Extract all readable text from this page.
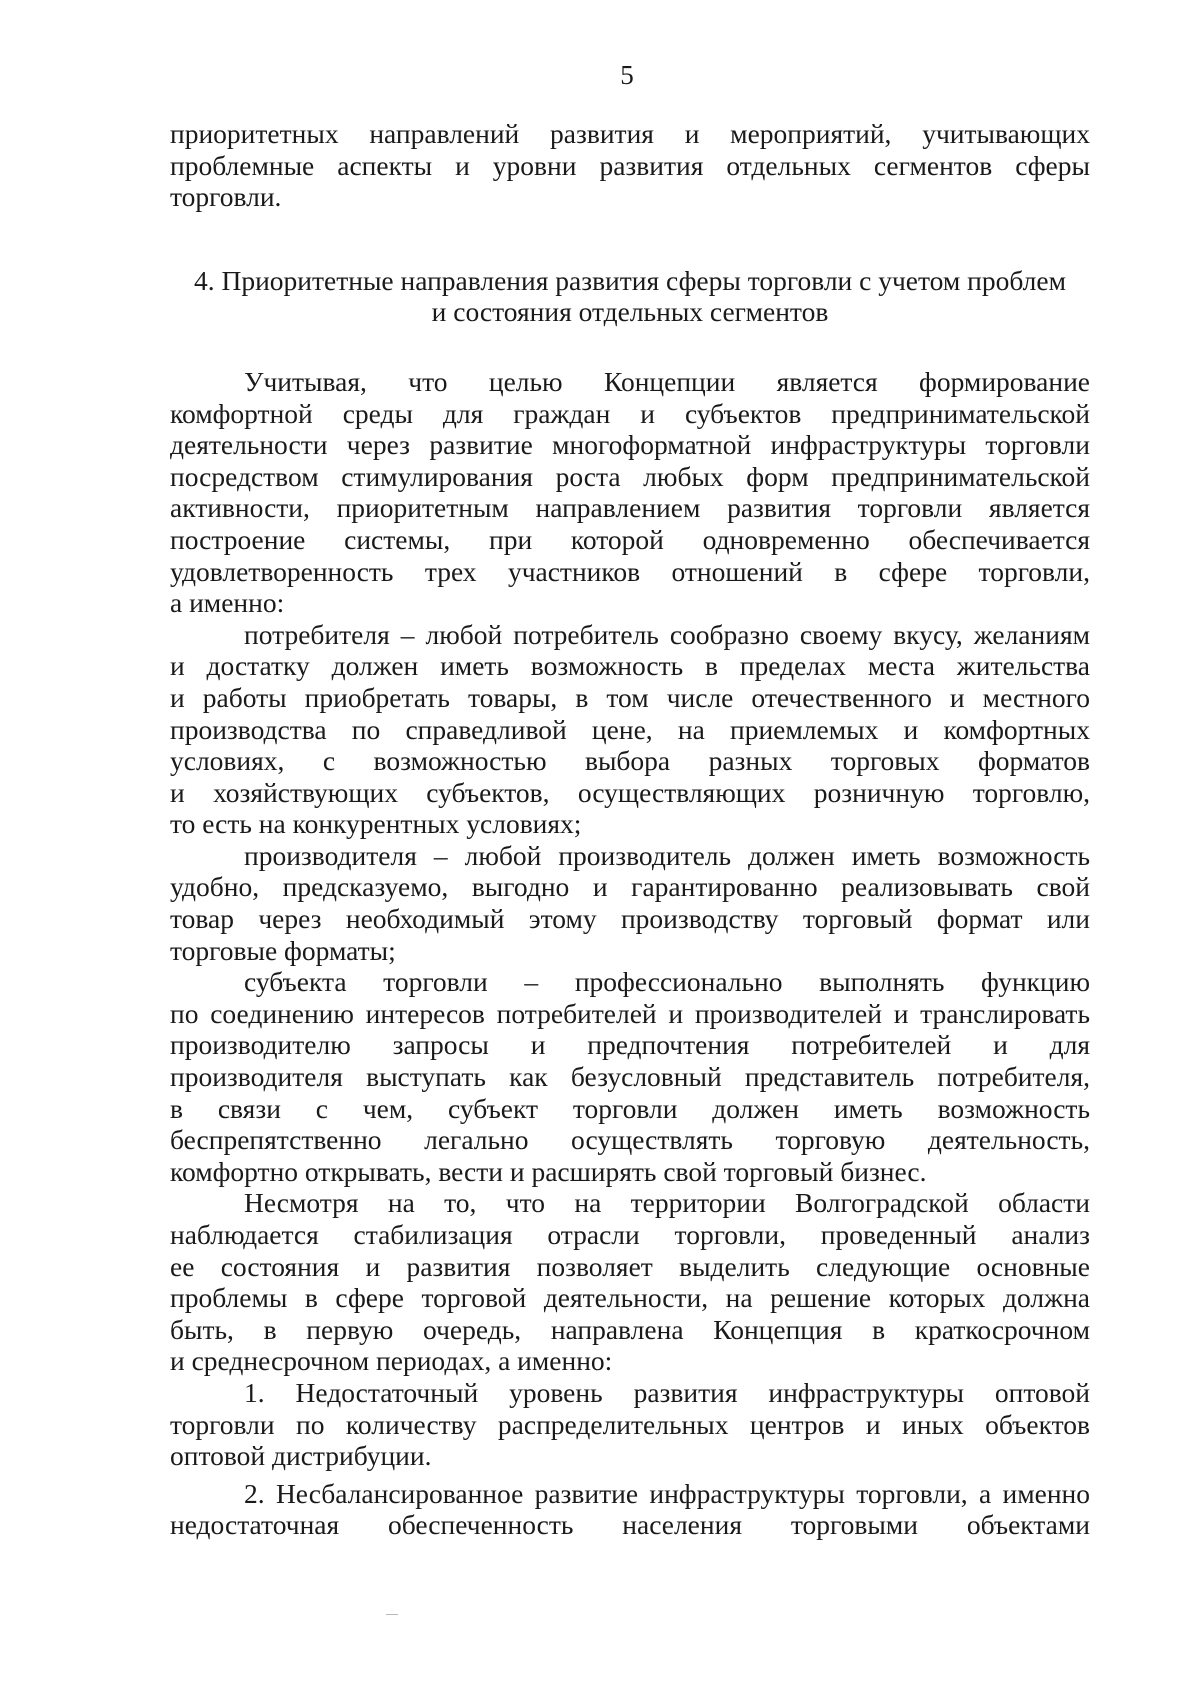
5

приоритетных направлений развития и мероприятий, учитывающих

проблемные аспекты и уровни развития отдельных сегментов сферы

торговли.

4. Приоритетные направления развития сферы торговли с учетом проблем
и состояния отдельных сегментов

Учитывая, что целью Концепции является формирование

комфортной среды для граждан и субъектов предпринимательской

деятельности через развитие многоформатной инфраструктуры торговли

посредством стимулирования роста любых форм предпринимательской

активности, приоритетным направлением развития торговли является

построение системы, при которой одновременно обеспечивается

удовлетворенность трех участников отношений в сфере торговли,

а именно:

потребителя – любой потребитель сообразно своему вкусу, желаниям

и достатку должен иметь возможность в пределах места жительства

и работы приобретать товары, в том числе отечественного и местного

производства по справедливой цене, на приемлемых и комфортных

условиях, с возможностью выбора разных торговых форматов

и хозяйствующих субъектов, осуществляющих розничную торговлю,

то есть на конкурентных условиях;

производителя – любой производитель должен иметь возможность

удобно, предсказуемо, выгодно и гарантированно реализовывать свой

товар через необходимый этому производству торговый формат или

торговые форматы;

субъекта торговли – профессионально выполнять функцию

по соединению интересов потребителей и производителей и транслировать

производителю запросы и предпочтения потребителей и для

производителя выступать как безусловный представитель потребителя,

в связи с чем, субъект торговли должен иметь возможность

беспрепятственно легально осуществлять торговую деятельность,

комфортно открывать, вести и расширять свой торговый бизнес.

Несмотря на то, что на территории Волгоградской области

наблюдается стабилизация отрасли торговли, проведенный анализ

ее состояния и развития позволяет выделить следующие основные

проблемы в сфере торговой деятельности, на решение которых должна

быть, в первую очередь, направлена Концепция в краткосрочном

и среднесрочном периодах, а именно:

1. Недостаточный уровень развития инфраструктуры оптовой

торговли по количеству распределительных центров и иных объектов

оптовой дистрибуции.

2. Несбалансированное развитие инфраструктуры торговли, а именно

недостаточная обеспеченность населения торговыми объектами
